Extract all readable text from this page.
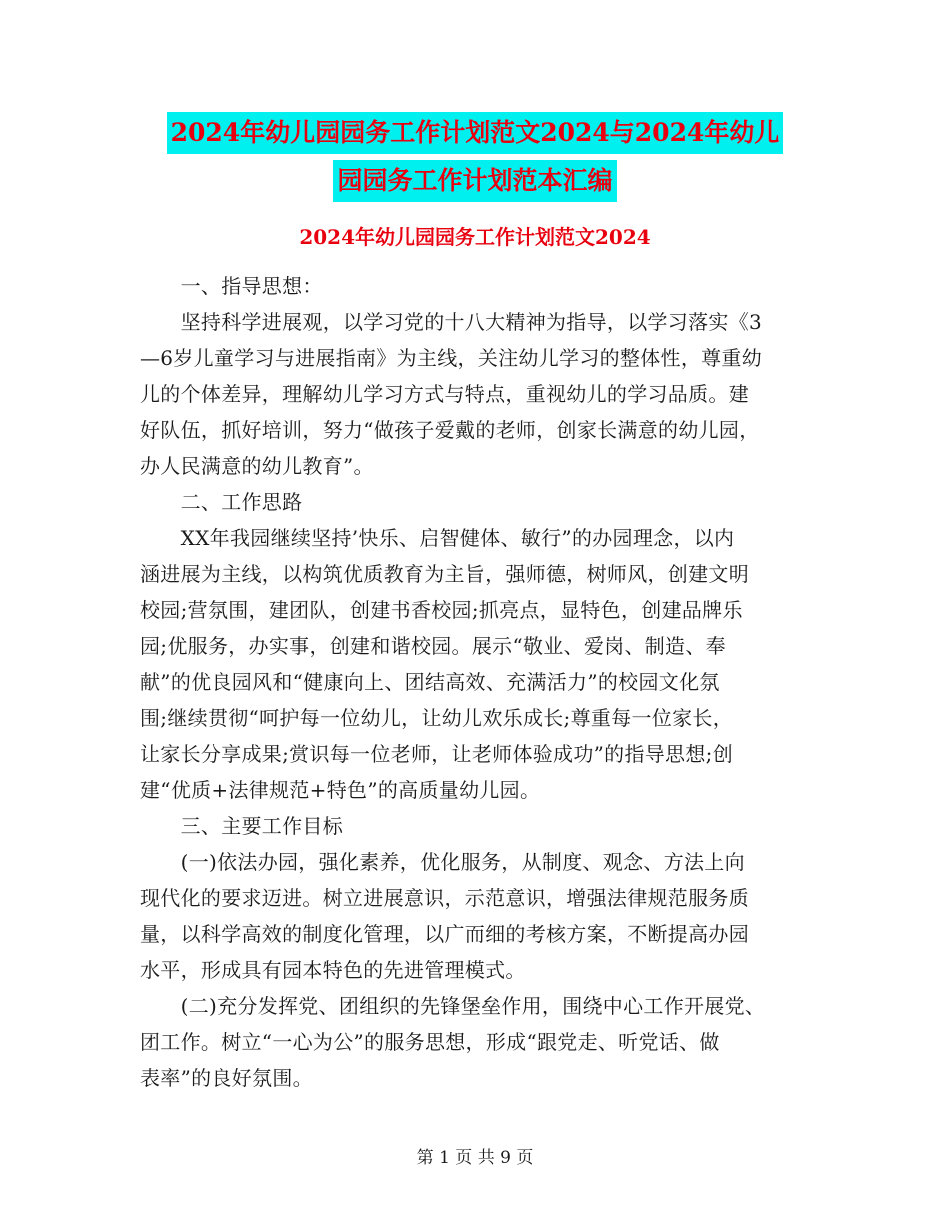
2024年幼儿园园务工作计划范文2024与2024年幼儿
园园务工作计划范本汇编
2024年幼儿园园务工作计划范文2024
　　一、指导思想：
　　坚持科学进展观，以学习党的十八大精神为指导，以学习落实《3
—6岁儿童学习与进展指南》为主线，关注幼儿学习的整体性，尊重幼
儿的个体差异，理解幼儿学习方式与特点，重视幼儿的学习品质。建
好队伍，抓好培训，努力“做孩子爱戴的老师，创家长满意的幼儿园，
办人民满意的幼儿教育”。
　　二、工作思路
　　XX年我园继续坚持’快乐、启智健体、敏行”的办园理念，以内
涵进展为主线，以构筑优质教育为主旨，强师德，树师风，创建文明
校园;营氛围，建团队，创建书香校园;抓亮点，显特色，创建品牌乐
园;优服务，办实事，创建和谐校园。展示“敬业、爱岗、制造、奉
献”的优良园风和“健康向上、团结高效、充满活力”的校园文化氛
围;继续贯彻“呵护每一位幼儿，让幼儿欢乐成长;尊重每一位家长，
让家长分享成果;赏识每一位老师，让老师体验成功”的指导思想;创
建“优质+法律规范+特色”的高质量幼儿园。
　　三、主要工作目标
　　(一)依法办园，强化素养，优化服务，从制度、观念、方法上向
现代化的要求迈进。树立进展意识，示范意识，增强法律规范服务质
量，以科学高效的制度化管理，以广而细的考核方案，不断提高办园
水平，形成具有园本特色的先进管理模式。
　　(二)充分发挥党、团组织的先锋堡垒作用，围绕中心工作开展党、
团工作。树立“一心为公”的服务思想，形成“跟党走、听党话、做
表率”的良好氛围。
第 1 页 共 9 页
